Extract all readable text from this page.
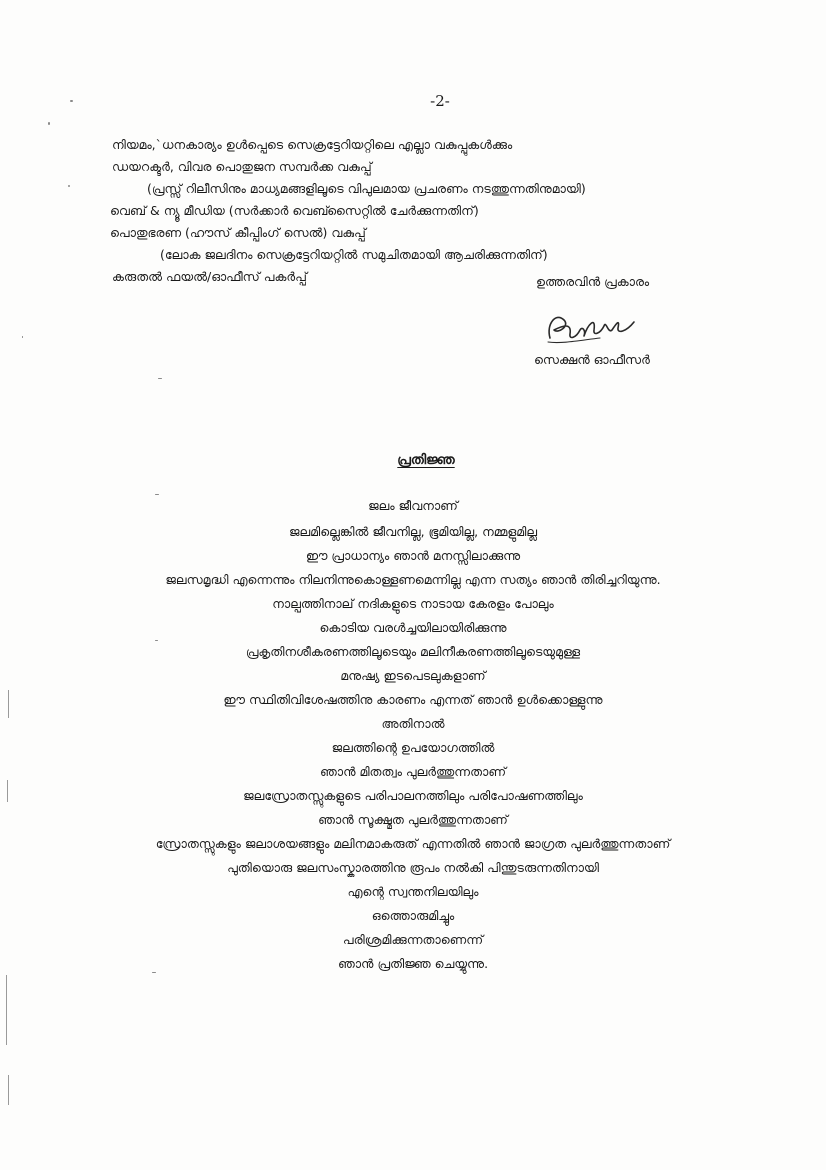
-2-
നിയമം,`ധനകാര്യം ഉൾപ്പെടെ സെക്രട്ടേറിയറ്റിലെ എല്ലാ വകുപ്പുകൾക്കും
ഡയറക്ടർ, വിവര പൊതുജന സമ്പർക്ക വകുപ്പ്
(പ്രസ്സ് റിലീസിനും മാധ്യമങ്ങളിലൂടെ വിപുലമായ പ്രചരണം നടത്തുന്നതിനുമായി)
വെബ് & ന്യൂ മീഡിയ (സർക്കാർ വെബ്സൈറ്റിൽ ചേർക്കുന്നതിന്)
പൊതുഭരണ (ഹൗസ് കീപ്പിംഗ് സെൽ) വകുപ്പ്
(ലോക ജലദിനം സെക്രട്ടേറിയറ്റിൽ സമുചിതമായി ആചരിക്കുന്നതിന്)
കരുതൽ ഫയൽ/ഓഫീസ് പകർപ്പ്	ഉത്തരവിൻ പ്രകാരം
സെക്ഷൻ ഓഫീസർ
പ്രതിജ്ഞ
ജലം ജീവനാണ്
ജലമില്ലെങ്കിൽ ജീവനില്ല, ഭൂമിയില്ല, നമ്മളുമില്ല
ഈ പ്രാധാന്യം ഞാൻ മനസ്സിലാക്കുന്നു
ജലസമൃദ്ധി എന്നെന്നും നിലനിന്നുകൊള്ളണമെന്നില്ല എന്ന സത്യം ഞാൻ തിരിച്ചറിയുന്നു.
നാല്പത്തിനാല് നദികളുടെ നാടായ കേരളം പോലും
കൊടിയ വരൾച്ചയിലായിരിക്കുന്നു
പ്രകൃതിനശീകരണത്തിലൂടെയും മലിനീകരണത്തിലൂടെയുമുള്ള
മനുഷ്യ ഇടപെടലുകളാണ്
ഈ സ്ഥിതിവിശേഷത്തിനു കാരണം എന്നത് ഞാൻ ഉൾക്കൊള്ളുന്നു
അതിനാൽ
ജലത്തിന്റെ ഉപയോഗത്തിൽ
ഞാൻ മിതത്വം പുലർത്തുന്നതാണ്
ജലസ്രോതസ്സുകളുടെ പരിപാലനത്തിലും പരിപോഷണത്തിലും
ഞാൻ സൂക്ഷ്മത പുലർത്തുന്നതാണ്
സ്രോതസ്സുകളും ജലാശയങ്ങളും മലിനമാകരുത് എന്നതിൽ ഞാൻ ജാഗ്രത പുലർത്തുന്നതാണ്
പുതിയൊരു ജലസംസ്കാരത്തിനു രൂപം നൽകി പിന്തുടരുന്നതിനായി
എന്റെ സ്വന്തനിലയിലും
ഒത്തൊരുമിച്ചും
പരിശ്രമിക്കുന്നതാണെന്ന്
ഞാൻ പ്രതിജ്ഞ ചെയ്യുന്നു.
